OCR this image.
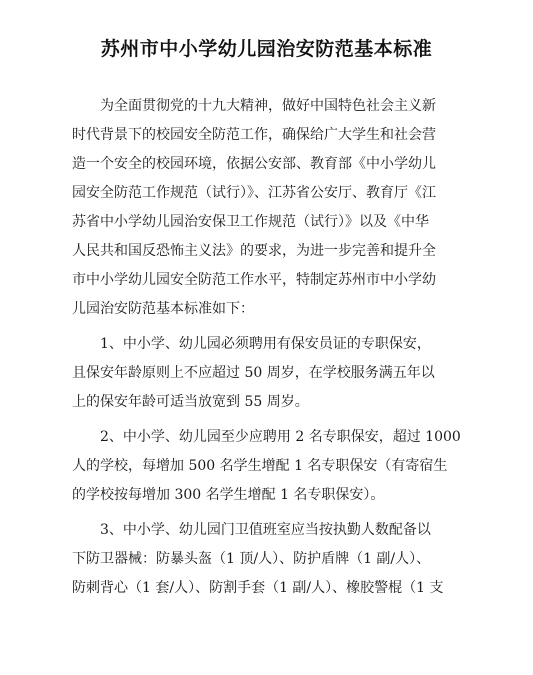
苏州市中小学幼儿园治安防范基本标准
为全面贯彻党的十九大精神，做好中国特色社会主义新
时代背景下的校园安全防范工作，确保给广大学生和社会营
造一个安全的校园环境，依据公安部、教育部《中小学幼儿
园安全防范工作规范（试行）》、江苏省公安厅、教育厅《江
苏省中小学幼儿园治安保卫工作规范（试行）》以及《中华
人民共和国反恐怖主义法》的要求，为进一步完善和提升全
市中小学幼儿园安全防范工作水平，特制定苏州市中小学幼
儿园治安防范基本标准如下：
1、中小学、幼儿园必须聘用有保安员证的专职保安，
且保安年龄原则上不应超过 50 周岁，在学校服务满五年以
上的保安年龄可适当放宽到 55 周岁。
2、中小学、幼儿园至少应聘用 2 名专职保安，超过 1000
人的学校，每增加 500 名学生增配 1 名专职保安（有寄宿生
的学校按每增加 300 名学生增配 1 名专职保安）。
3、中小学、幼儿园门卫值班室应当按执勤人数配备以
下防卫器械：防暴头盔（1 顶/人）、防护盾牌（1 副/人）、
防刺背心（1 套/人）、防割手套（1 副/人）、橡胶警棍（1 支
